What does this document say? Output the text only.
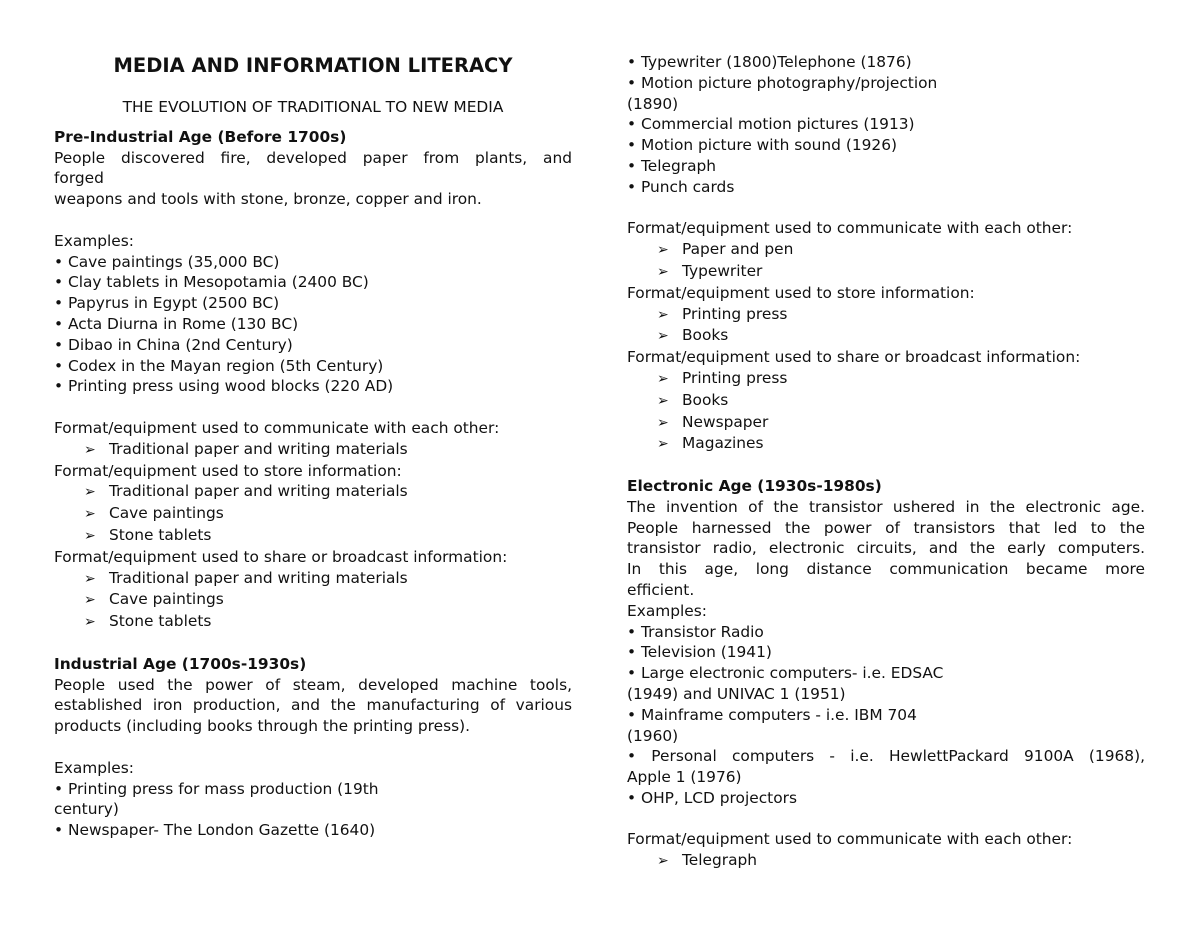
MEDIA AND INFORMATION LITERACY
THE EVOLUTION OF TRADITIONAL TO NEW MEDIA
Pre-Industrial Age (Before 1700s)
People discovered fire, developed paper from plants, and
forged
weapons and tools with stone, bronze, copper and iron.
Examples:
• Cave paintings (35,000 BC)
• Clay tablets in Mesopotamia (2400 BC)
• Papyrus in Egypt (2500 BC)
• Acta Diurna in Rome (130 BC)
• Dibao in China (2nd Century)
• Codex in the Mayan region (5th Century)
• Printing press using wood blocks (220 AD)
Format/equipment used to communicate with each other:
➢ Traditional paper and writing materials
Format/equipment used to store information:
➢ Traditional paper and writing materials
➢ Cave paintings
➢ Stone tablets
Format/equipment used to share or broadcast information:
➢ Traditional paper and writing materials
➢ Cave paintings
➢ Stone tablets
Industrial Age (1700s-1930s)
People used the power of steam, developed machine tools,
established iron production, and the manufacturing of various
products (including books through the printing press).
Examples:
• Printing press for mass production (19th
century)
• Newspaper- The London Gazette (1640)
• Typewriter (1800)Telephone (1876)
• Motion picture photography/projection
(1890)
• Commercial motion pictures (1913)
• Motion picture with sound (1926)
• Telegraph
• Punch cards
Format/equipment used to communicate with each other:
➢ Paper and pen
➢ Typewriter
Format/equipment used to store information:
➢ Printing press
➢ Books
Format/equipment used to share or broadcast information:
➢ Printing press
➢ Books
➢ Newspaper
➢ Magazines
Electronic Age (1930s-1980s)
The invention of the transistor ushered in the electronic age.
People harnessed the power of transistors that led to the
transistor radio, electronic circuits, and the early computers.
In this age, long distance communication became more
efficient.
Examples:
• Transistor Radio
• Television (1941)
• Large electronic computers- i.e. EDSAC
(1949) and UNIVAC 1 (1951)
• Mainframe computers - i.e. IBM 704
(1960)
• Personal computers - i.e. HewlettPackard 9100A (1968),
Apple 1 (1976)
• OHP, LCD projectors
Format/equipment used to communicate with each other:
➢ Telegraph
